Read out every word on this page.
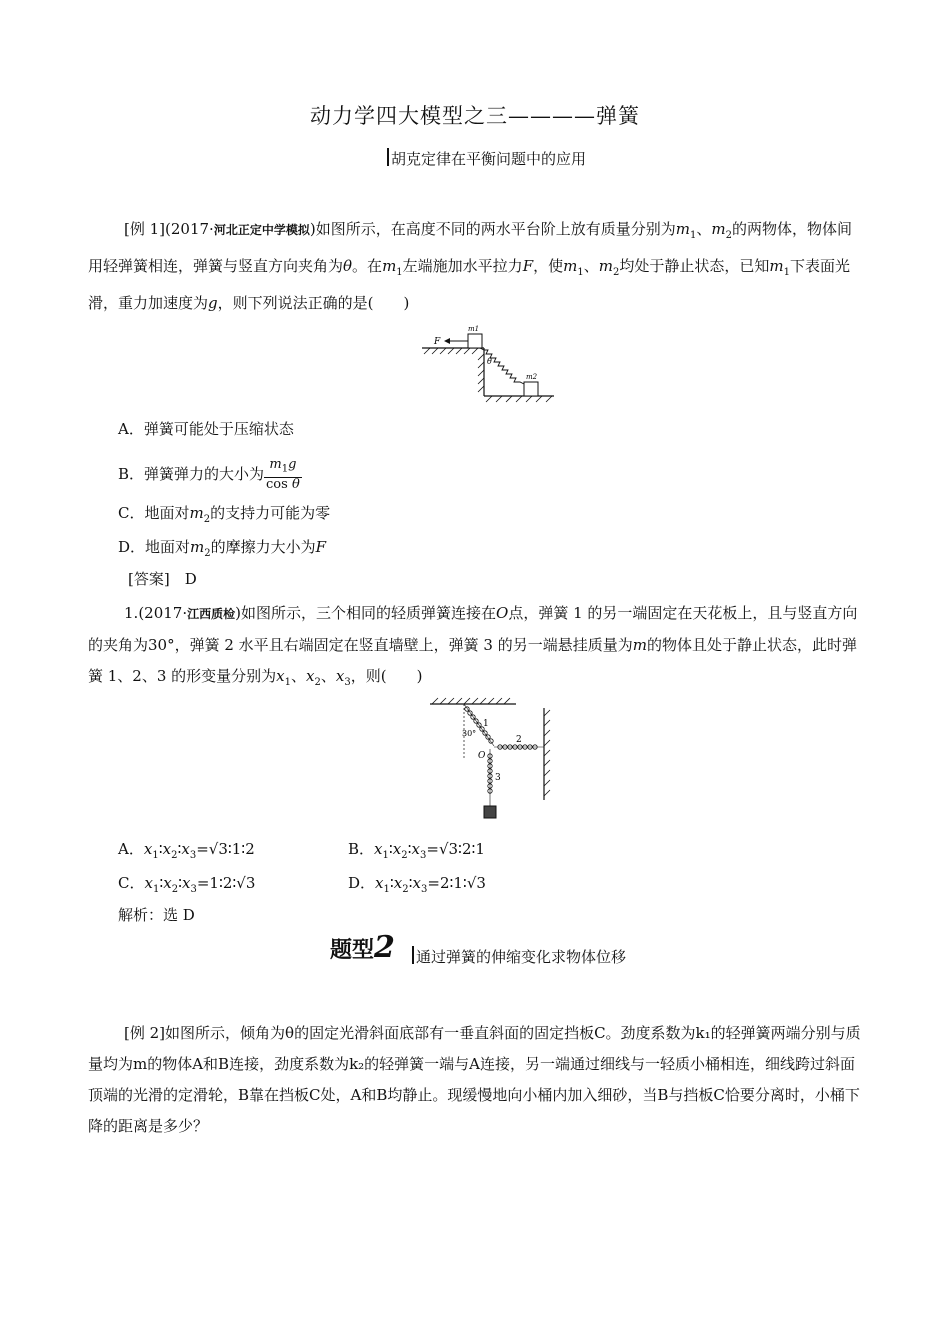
动力学四大模型之三————弹簧
胡克定律在平衡问题中的应用
[例 1](2017·河北正定中学模拟)如图所示，在高度不同的两水平台阶上放有质量分别为$m_1$、$m_2$的两物体，物体间用轻弹簧相连，弹簧与竖直方向夹角为θ。在$m_1$左端施加水平拉力F，使$m_1$、$m_2$均处于静止状态，已知$m_1$下表面光滑，重力加速度为g，则下列说法正确的是(　　)
m1
F
θ
m2
A．弹簧可能处于压缩状态
B．弹簧弹力的大小为 $\frac{m_1g}{\text{cos θ}}$
C．地面对$m_2$的支持力可能为零
D．地面对$m_2$的摩擦力大小为F
[答案]　D
1.(2017·江西质检)如图所示，三个相同的轻质弹簧连接在O点，弹簧 1 的另一端固定在天花板上，且与竖直方向的夹角为30°，弹簧 2 水平且右端固定在竖直墙壁上，弹簧 3 的另一端悬挂质量为m的物体且处于静止状态，此时弹簧 1、2、3 的形变量分别为$x_1$、$x_2$、$x_3$，则(　　)
1
30°
2
O
3
A．$x_1∶x_2∶x_3=√3∶1∶2$	B．$x_1∶x_2∶x_3=√3∶2∶1$
C．$x_1∶x_2∶x_3=1∶2∶√3$	D．$x_1∶x_2∶x_3=2∶1∶√3$
解析：选 D
题型2 通过弹簧的伸缩变化求物体位移
[例 2]如图所示，倾角为θ的固定光滑斜面底部有一垂直斜面的固定挡板C。劲度系数为k₁的轻弹簧两端分别与质量均为m的物体A和B连接，劲度系数为k₂的轻弹簧一端与A连接，另一端通过细线与一轻质小桶相连，细线跨过斜面顶端的光滑的定滑轮，B靠在挡板C处，A和B均静止。现缓慢地向小桶内加入细砂，当B与挡板C恰要分离时，小桶下降的距离是多少？
